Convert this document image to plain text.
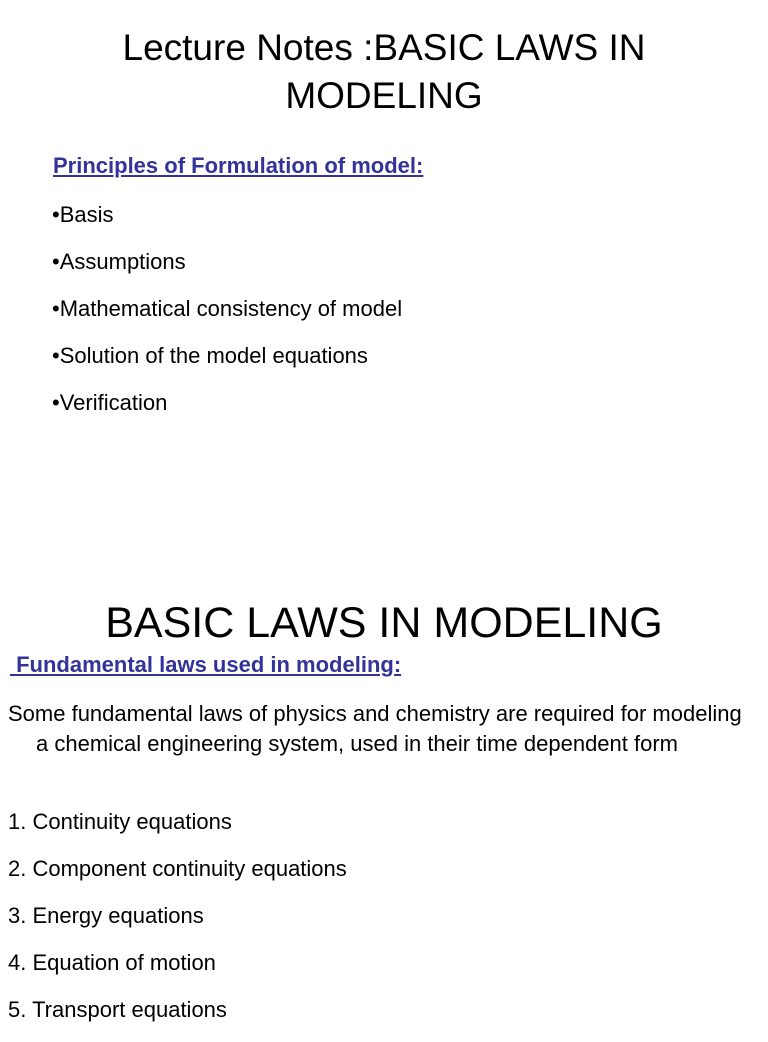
Lecture Notes :BASIC LAWS IN
MODELING

Principles of Formulation of model:

•Basis
•Assumptions
•Mathematical consistency of model
•Solution of the model equations
•Verification
BASIC LAWS IN MODELING

Fundamental laws used in modeling:

Some fundamental laws of physics and chemistry are required for modeling a chemical engineering system, used in their time dependent form

1. Continuity equations
2. Component continuity equations
3. Energy equations
4. Equation of motion
5. Transport equations
